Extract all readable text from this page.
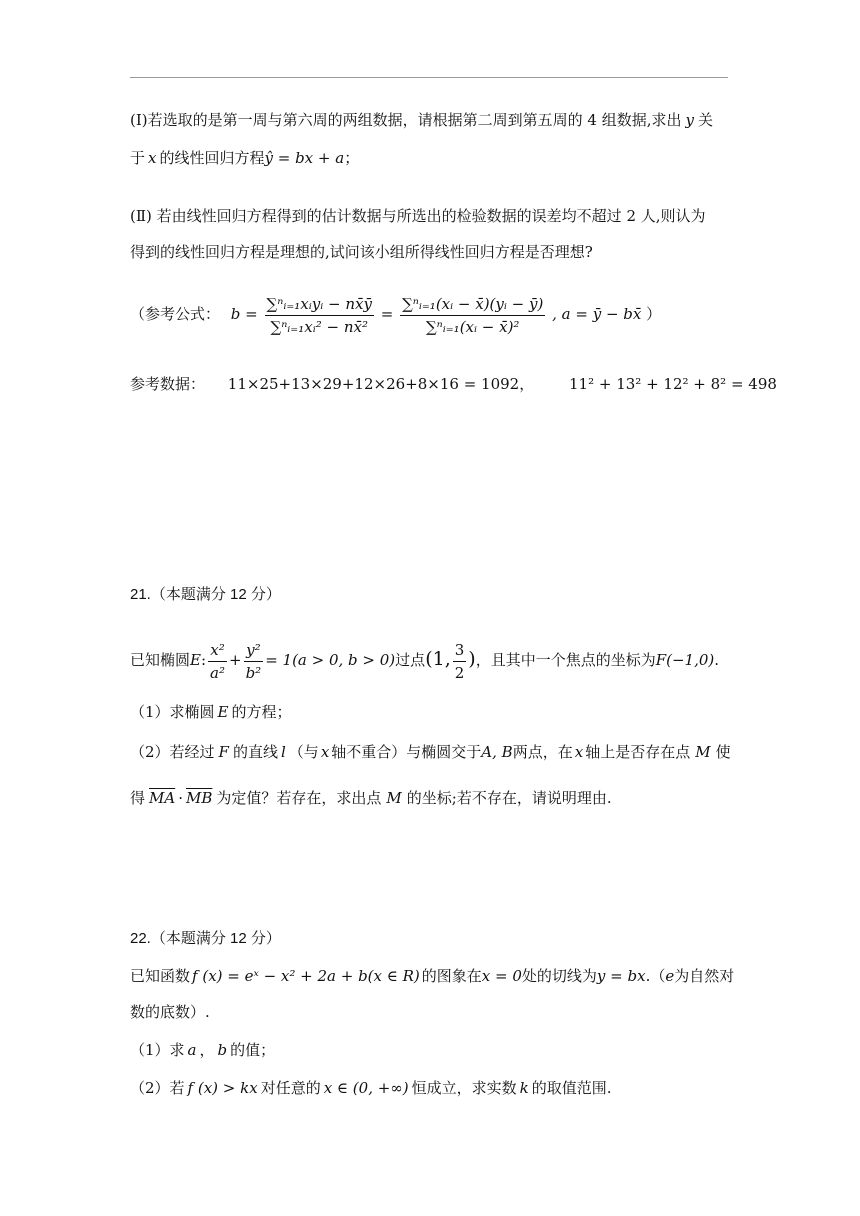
(Ⅰ)若选取的是第一周与第六周的两组数据，请根据第二周到第五周的 4 组数据,求出 y 关
于 x 的线性回归方程ŷ = bx + a；
(Ⅱ) 若由线性回归方程得到的估计数据与所选出的检验数据的误差均不超过 2 人,则认为
得到的线性回归方程是理想的,试问该小组所得线性回归方程是否理想?
（参考公式： $b = \frac{\text{∑ⁿᵢ₌₁xᵢyᵢ − nx̄ȳ}}{\text{∑ⁿᵢ₌₁xᵢ² − nx̄²}} = \frac{\text{∑ⁿᵢ₌₁(xᵢ − x̄)(yᵢ − ȳ)}}{\text{∑ⁿᵢ₌₁(xᵢ − x̄)²}}$ , a = ȳ − bx̄ ）
参考数据： 11×25+13×29+12×26+8×16 = 1092， 11² + 13² + 12² + 8² = 498
21.（本题满分 12 分）
已知椭圆E: $\frac{\text{x²}}{\text{a²}} + \frac{\text{y²}}{\text{b²}} = 1(a > 0$, b > 0)过点(1, $\frac{3}{2}$ )，且其中一个焦点的坐标为F(−1,0).
（1）求椭圆 E 的方程；
（2）若经过 F 的直线 l （与 x 轴不重合）与椭圆交于A, B两点，在 x 轴上是否存在点 M 使
得 $\overline{MA} \cdot \overline{MB}$ 为定值？若存在，求出点 M 的坐标;若不存在，请说明理由.
22.（本题满分 12 分）
已知函数 f (x) = eˣ − x² + 2a + b(x ∈ R) 的图象在x = 0处的切线为y = bx.（e为自然对
数的底数）.
（1）求 a ， b 的值；
（2）若 f (x) > kx 对任意的 x ∈ (0, +∞) 恒成立，求实数 k 的取值范围.
